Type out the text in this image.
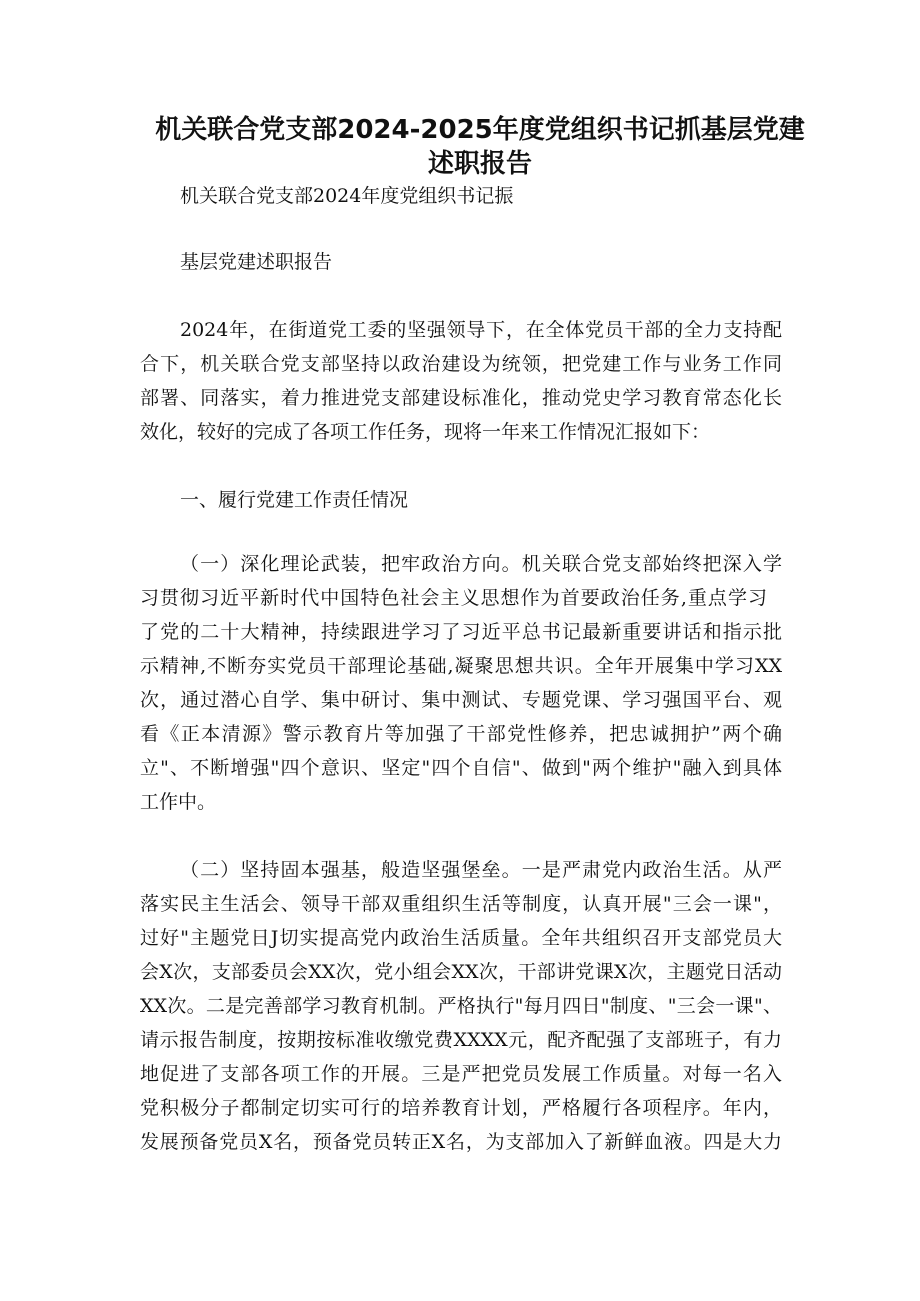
机关联合党支部2024-2025年度党组织书记抓基层党建
述职报告

机关联合党支部2024年度党组织书记振

基层党建述职报告

2024年，在街道党工委的坚强领导下，在全体党员干部的全力支持配

合下，机关联合党支部坚持以政治建设为统领，把党建工作与业务工作同

部署、同落实，着力推进党支部建设标准化，推动党史学习教育常态化长

效化，较好的完成了各项工作任务，现将一年来工作情况汇报如下：

一、履行党建工作责任情况

（一）深化理论武装，把牢政治方向。机关联合党支部始终把深入学

习贯彻习近平新时代中国特色社会主义思想作为首要政治任务,重点学习

了党的二十大精神，持续跟进学习了习近平总书记最新重要讲话和指示批

示精神,不断夯实党员干部理论基础,凝聚思想共识。全年开展集中学习XX

次，通过潜心自学、集中研讨、集中测试、专题党课、学习强国平台、观

看《正本清源》警示教育片等加强了干部党性修养，把忠诚拥护”两个确

立"、不断增强"四个意识、坚定"四个自信"、做到"两个维护"融入到具体

工作中。

（二）坚持固本强基，般造坚强堡垒。一是严肃党内政治生活。从严

落实民主生活会、领导干部双重组织生活等制度，认真开展"三会一课"，

过好"主题党日J切实提高党内政治生活质量。全年共组织召开支部党员大

会X次，支部委员会XX次，党小组会XX次，干部讲党课X次，主题党日活动

XX次。二是完善部学习教育机制。严格执行"每月四日"制度、"三会一课"、

请示报告制度，按期按标准收缴党费XXXX元，配齐配强了支部班子，有力

地促进了支部各项工作的开展。三是严把党员发展工作质量。对每一名入

党积极分子都制定切实可行的培养教育计划，严格履行各项程序。年内，

发展预备党员X名，预备党员转正X名，为支部加入了新鲜血液。四是大力
